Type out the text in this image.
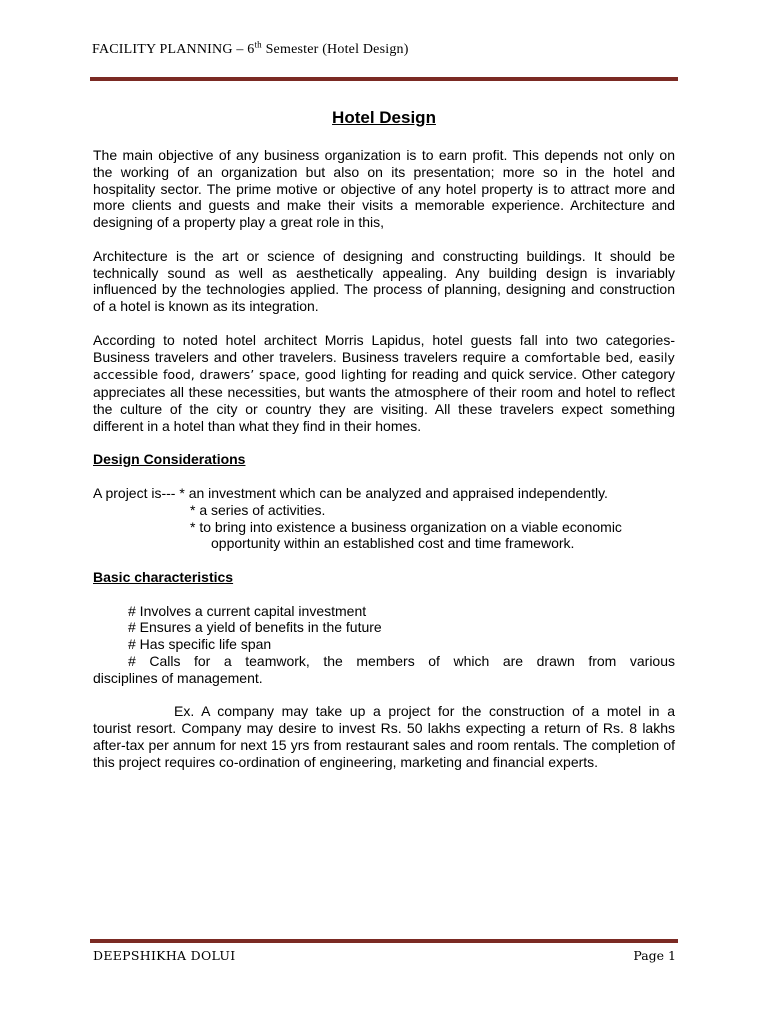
FACILITY PLANNING – 6th Semester (Hotel Design)
Hotel Design

The main objective of any business organization is to earn profit. This depends not only on the working of an organization but also on its presentation; more so in the hotel and hospitality sector. The prime motive or objective of any hotel property is to attract more and more clients and guests and make their visits a memorable experience. Architecture and designing of a property play a great role in this,

Architecture is the art or science of designing and constructing buildings. It should be technically sound as well as aesthetically appealing. Any building design is invariably influenced by the technologies applied. The process of planning, designing and construction of a hotel is known as its integration.

According to noted hotel architect Morris Lapidus, hotel guests fall into two categories- Business travelers and other travelers. Business travelers require a comfortable bed, easily accessible food, drawers’ space, good lighting for reading and quick service. Other category appreciates all these necessities, but wants the atmosphere of their room and hotel to reflect the culture of the city or country they are visiting. All these travelers expect something different in a hotel than what they find in their homes.

Design Considerations
A project is--- * an investment which can be analyzed and appraised independently.
* a series of activities.
* to bring into existence a business organization on a viable economic
opportunity within an established cost and time framework.
Basic characteristics
# Involves a current capital investment
# Ensures a yield of benefits in the future
# Has specific life span
# Calls for a teamwork, the members of which are drawn from various
disciplines of management.

Ex. A company may take up a project for the construction of a motel in a
tourist resort. Company may desire to invest Rs. 50 lakhs expecting a return of Rs. 8 lakhs after-tax per annum for next 15 yrs from restaurant sales and room rentals. The completion of this project requires co-ordination of engineering, marketing and financial experts.

DEEPSHIKHA DOLUI	Page 1
